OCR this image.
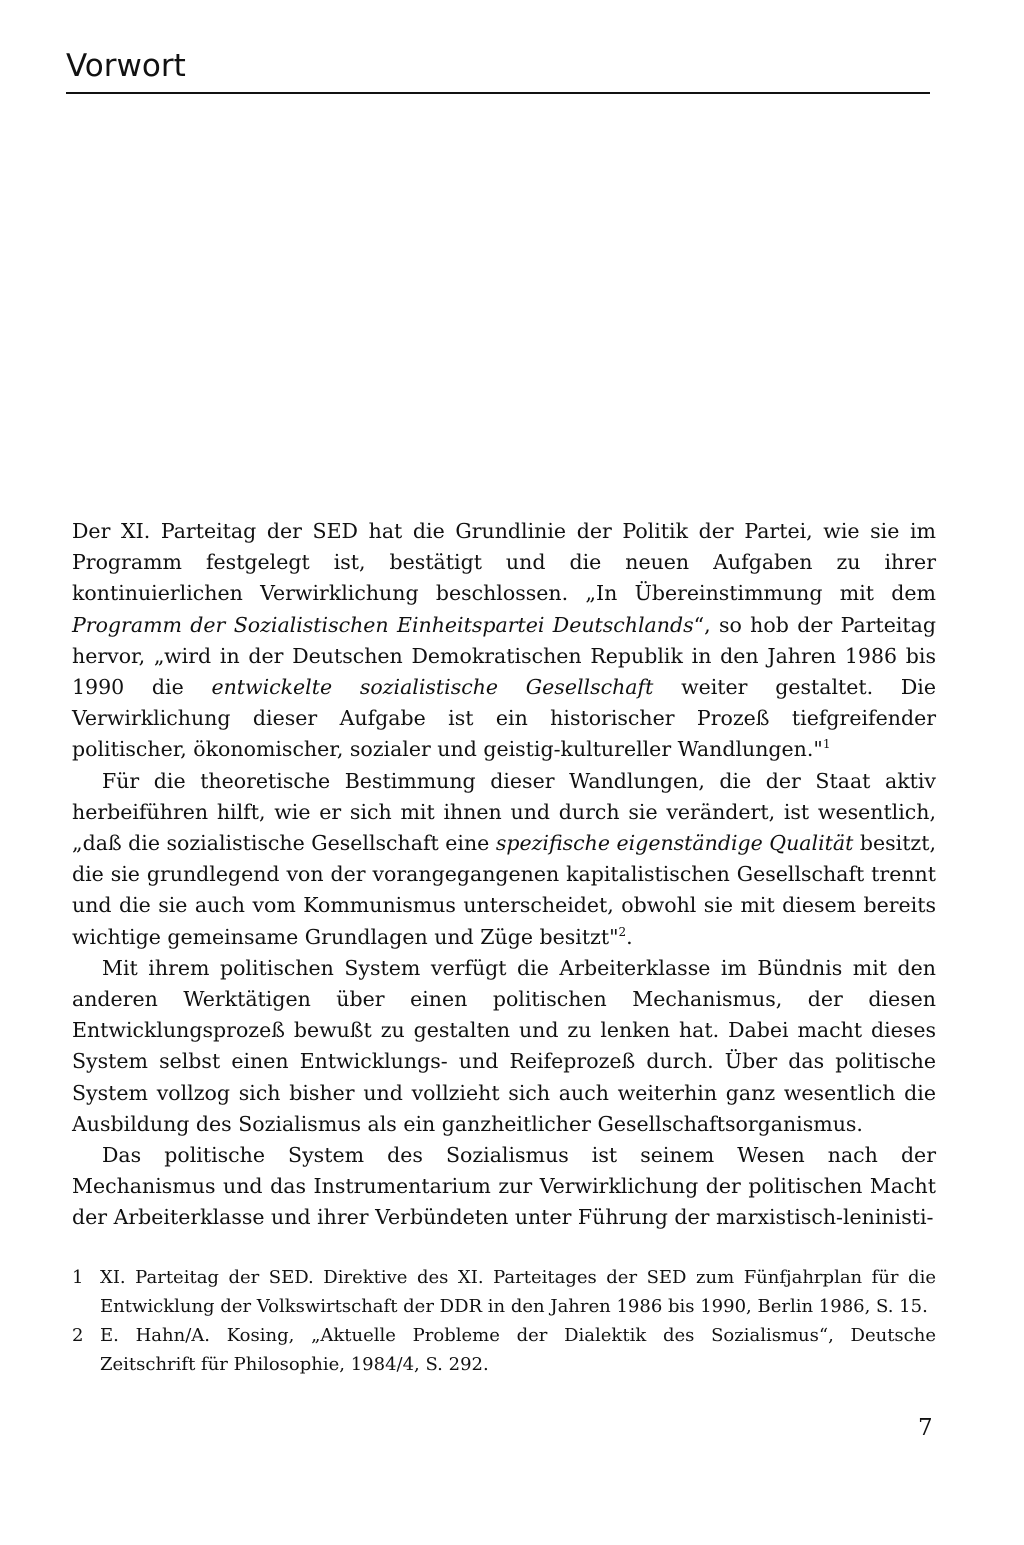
Vorwort

Der XI. Parteitag der SED hat die Grundlinie der Politik der Partei, wie sie im Programm festgelegt ist, bestätigt und die neuen Aufgaben zu ihrer kontinuierlichen Verwirklichung beschlossen. „In Übereinstimmung mit dem Programm der Sozialistischen Einheitspartei Deutschlands“, so hob der Parteitag hervor, „wird in der Deutschen Demokratischen Republik in den Jahren 1986 bis 1990 die entwickelte sozialistische Gesellschaft weiter gestaltet. Die Verwirklichung dieser Aufgabe ist ein historischer Prozeß tiefgreifender politischer, ökonomischer, sozialer und geistig-kultureller Wandlungen."$^1$

Für die theoretische Bestimmung dieser Wandlungen, die der Staat aktiv herbeiführen hilft, wie er sich mit ihnen und durch sie verändert, ist wesentlich, „daß die sozialistische Gesellschaft eine spezifische eigenständige Qualität besitzt, die sie grundlegend von der vorangegangenen kapitalistischen Gesellschaft trennt und die sie auch vom Kommunismus unterscheidet, obwohl sie mit diesem bereits wichtige gemeinsame Grundlagen und Züge besitzt"$^2$.

Mit ihrem politischen System verfügt die Arbeiterklasse im Bündnis mit den anderen Werktätigen über einen politischen Mechanismus, der diesen Entwicklungsprozeß bewußt zu gestalten und zu lenken hat. Dabei macht dieses System selbst einen Entwicklungs- und Reifeprozeß durch. Über das politische System vollzog sich bisher und vollzieht sich auch weiterhin ganz wesentlich die Ausbildung des Sozialismus als ein ganzheitlicher Gesellschaftsorganismus.

Das politische System des Sozialismus ist seinem Wesen nach der Mechanismus und das Instrumentarium zur Verwirklichung der politischen Macht der Arbeiterklasse und ihrer Verbündeten unter Führung der marxistisch-leninisti-

1 XI. Parteitag der SED. Direktive des XI. Parteitages der SED zum Fünfjahrplan für die Entwicklung der Volkswirtschaft der DDR in den Jahren 1986 bis 1990, Berlin 1986, S. 15.
2 E. Hahn/A. Kosing, „Aktuelle Probleme der Dialektik des Sozialismus“, Deutsche Zeitschrift für Philosophie, 1984/4, S. 292.
7
